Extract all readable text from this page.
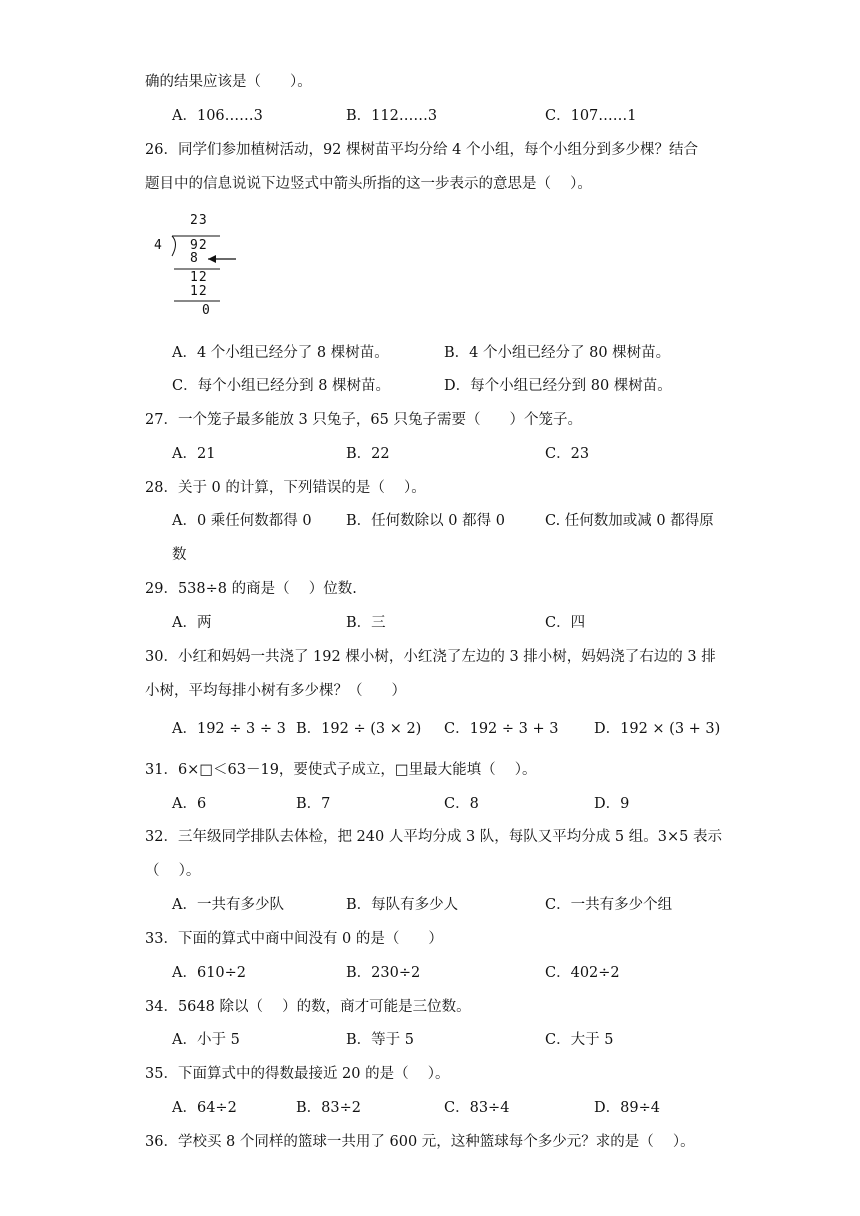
确的结果应该是（　　）。
A．106……3	B．112……3	C．107……1
26．同学们参加植树活动，92 棵树苗平均分给 4 个小组，每个小组分到多少棵？结合
题目中的信息说说下边竖式中箭头所指的这一步表示的意思是（　 ）。
23
4 92
8
12
12
0
A．4 个小组已经分了 8 棵树苗。	B．4 个小组已经分了 80 棵树苗。
C．每个小组已经分到 8 棵树苗。	D．每个小组已经分到 80 棵树苗。
27．一个笼子最多能放 3 只兔子，65 只兔子需要（　　）个笼子。
A．21	B．22	C．23
28．关于 0 的计算，下列错误的是（　 ）。
A．0 乘任何数都得 0 B．任何数除以 0 都得 0	C. 任何数加或减 0 都得原
数
29．538÷8 的商是（　 ）位数.
A．两	B．三	C．四
30．小红和妈妈一共浇了 192 棵小树，小红浇了左边的 3 排小树，妈妈浇了右边的 3 排
小树，平均每排小树有多少棵？（　　）
A．192 ÷ 3 ÷ 3 B．192 ÷ (3 × 2) C．192 ÷ 3 + 3 D．192 × (3 + 3)
31．6×□＜63－19，要使式子成立，□里最大能填（　 ）。
A．6	B．7	C．8	D．9
32．三年级同学排队去体检，把 240 人平均分成 3 队，每队又平均分成 5 组。3×5 表示
（　 ）。
A．一共有多少队	B．每队有多少人	C．一共有多少个组
33．下面的算式中商中间没有 0 的是（　　）
A．610÷2	B．230÷2	C．402÷2
34．5648 除以（　 ）的数，商才可能是三位数。
A．小于 5	B．等于 5	C．大于 5
35．下面算式中的得数最接近 20 的是（　 ）。
A．64÷2	B．83÷2	C．83÷4	D．89÷4
36．学校买 8 个同样的篮球一共用了 600 元，这种篮球每个多少元？求的是（　 ）。
